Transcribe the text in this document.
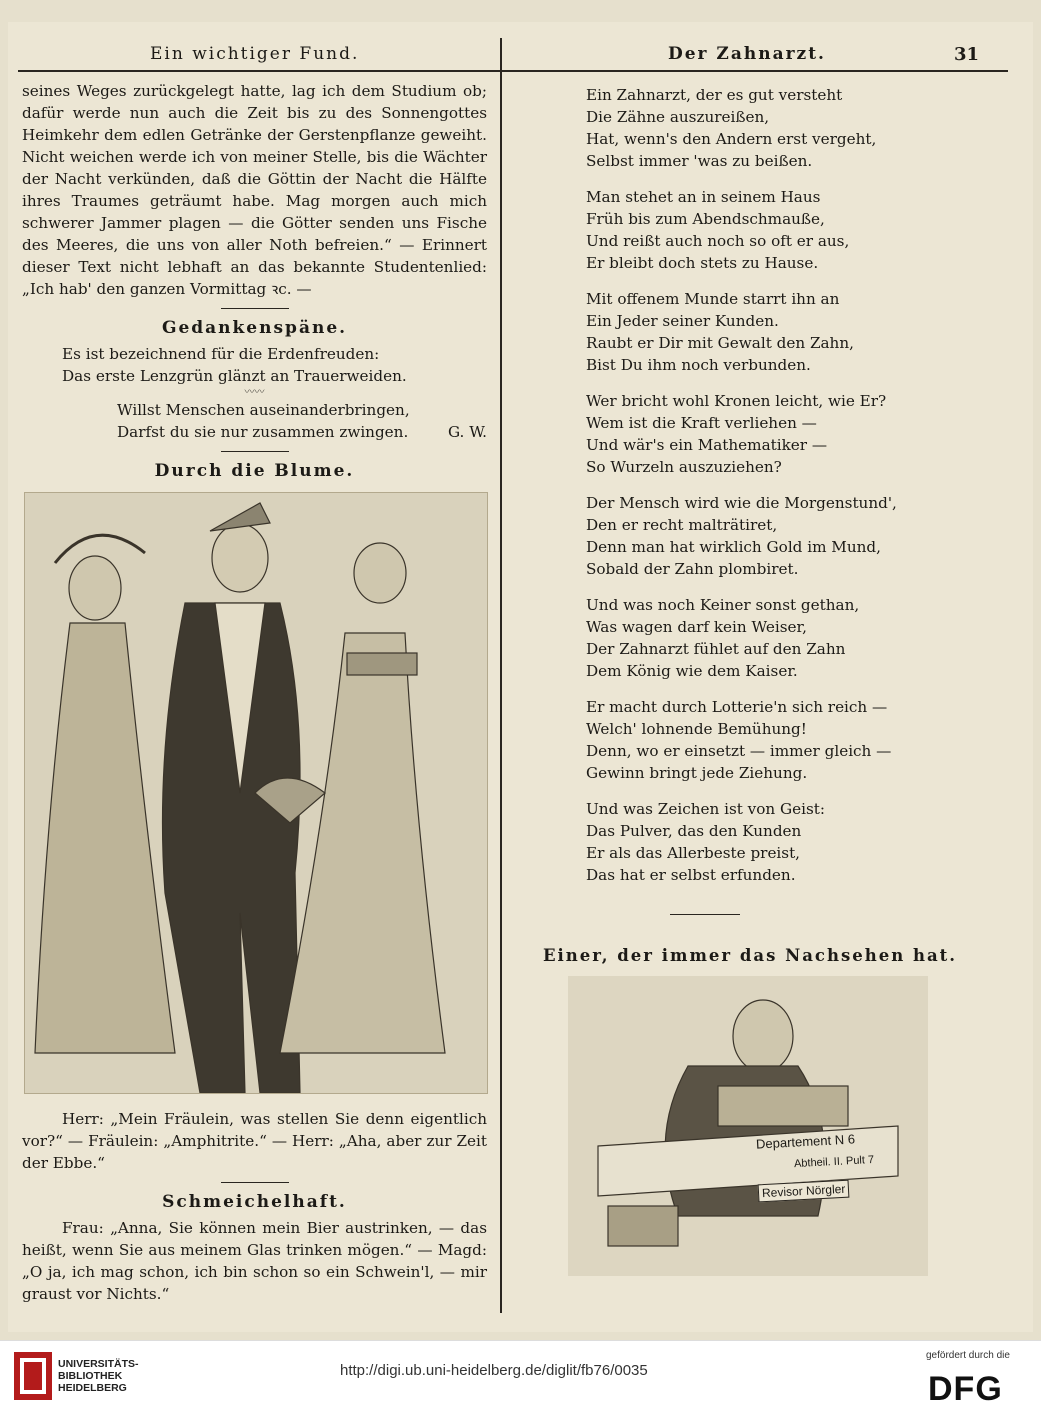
Ein wichtiger Fund.	Der Zahnarzt.	31

seines Weges zurückgelegt hatte, lag ich dem Studium ob; dafür werde nun auch die Zeit bis zu des Sonnengottes Heimkehr dem edlen Getränke der Gerstenpflanze geweiht. Nicht weichen werde ich von meiner Stelle, bis die Wächter der Nacht verkünden, daß die Göttin der Nacht die Hälfte ihres Traumes geträumt habe. Mag morgen auch mich schwerer Jammer plagen — die Götter senden uns Fische des Meeres, die uns von aller Noth befreien.“ — Erinnert dieser Text nicht lebhaft an das bekannte Studentenlied: „Ich hab' den ganzen Vormittag ꝛc. —

Gedankenspäne.
Es ist bezeichnend für die Erdenfreuden:
Das erste Lenzgrün glänzt an Trauerweiden.
〰〰
Willst Menschen auseinanderbringen,
Darfst du sie nur zusammen zwingen.	G. W.
Durch die Blume.

Herr: „Mein Fräulein, was stellen Sie denn eigentlich vor?“ — Fräulein: „Amphitrite.“ — Herr: „Aha, aber zur Zeit der Ebbe.“

Schmeichelhaft.

Frau: „Anna, Sie können mein Bier austrinken, — das heißt, wenn Sie aus meinem Glas trinken mögen.“ — Magd: „O ja, ich mag schon, ich bin schon so ein Schwein'l, — mir graust vor Nichts.“

Ein Zahnarzt, der es gut versteht
Die Zähne auszureißen,
Hat, wenn's den Andern erst vergeht,
Selbst immer 'was zu beißen.
Man stehet an in seinem Haus
Früh bis zum Abendschmauße,
Und reißt auch noch so oft er aus,
Er bleibt doch stets zu Hause.
Mit offenem Munde starrt ihn an
Ein Jeder seiner Kunden.
Raubt er Dir mit Gewalt den Zahn,
Bist Du ihm noch verbunden.
Wer bricht wohl Kronen leicht, wie Er?
Wem ist die Kraft verliehen —
Und wär's ein Mathematiker —
So Wurzeln auszuziehen?
Der Mensch wird wie die Morgenstund',
Den er recht malträtiret,
Denn man hat wirklich Gold im Mund,
Sobald der Zahn plombiret.
Und was noch Keiner sonst gethan,
Was wagen darf kein Weiser,
Der Zahnarzt fühlet auf den Zahn
Dem König wie dem Kaiser.
Er macht durch Lotterie'n sich reich —
Welch' lohnende Bemühung!
Denn, wo er einsetzt — immer gleich —
Gewinn bringt jede Ziehung.
Und was Zeichen ist von Geist:
Das Pulver, das den Kunden
Er als das Allerbeste preist,
Das hat er selbst erfunden.
Einer, der immer das Nachsehen hat.
Departement N 6
Abtheil. II. Pult 7
Revisor Nörgler
UNIVERSITÄTS-
BIBLIOTHEK
HEIDELBERG
http://digi.ub.uni-heidelberg.de/diglit/fb76/0035
gefördert durch die
DFG
